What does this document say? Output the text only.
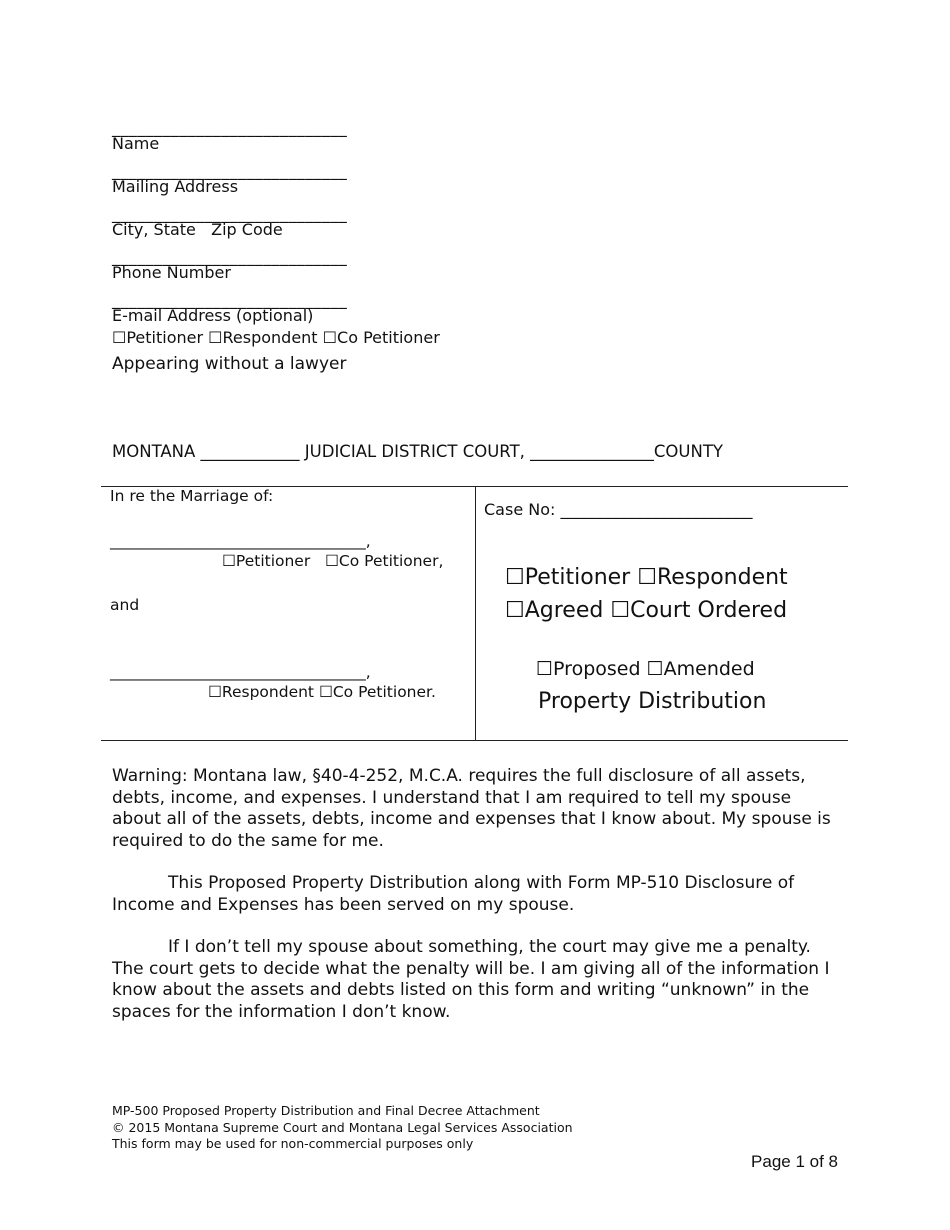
____________________________
Name
____________________________
Mailing Address
____________________________
City, State   Zip Code
____________________________
Phone Number
____________________________
E-mail Address (optional)
☐Petitioner ☐Respondent ☐Co Petitioner
Appearing without a lawyer
MONTANA ____________ JUDICIAL DISTRICT COURT, _______________COUNTY
In re the Marriage of:
_________________________________,
☐Petitioner ☐Co Petitioner,
and
_________________________________,
☐Respondent ☐Co Petitioner.
Case No: ________________________
☐Petitioner ☐Respondent
☐Agreed ☐Court Ordered
☐Proposed ☐Amended
Property Distribution
Warning: Montana law, §40-4-252, M.C.A. requires the full disclosure of all assets, debts, income, and expenses. I understand that I am required to tell my spouse about all of the assets, debts, income and expenses that I know about. My spouse is required to do the same for me.
This Proposed Property Distribution along with Form MP-510 Disclosure of Income and Expenses has been served on my spouse.
If I don’t tell my spouse about something, the court may give me a penalty. The court gets to decide what the penalty will be. I am giving all of the information I know about the assets and debts listed on this form and writing “unknown” in the spaces for the information I don’t know.
MP-500 Proposed Property Distribution and Final Decree Attachment
© 2015 Montana Supreme Court and Montana Legal Services Association
This form may be used for non-commercial purposes only
Page 1 of 8
